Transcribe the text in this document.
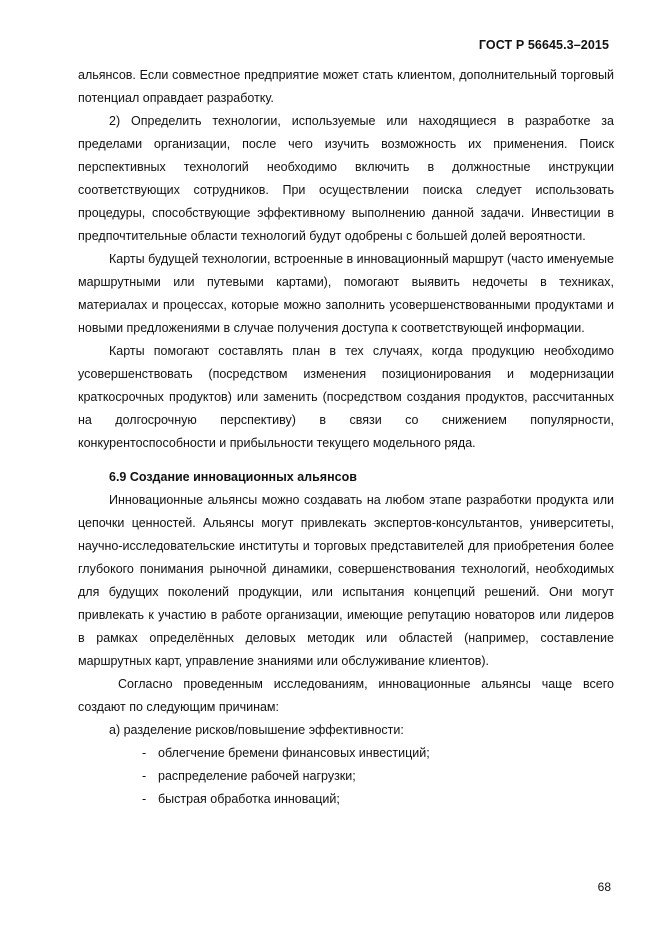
ГОСТ Р 56645.3–2015

альянсов. Если совместное предприятие может стать клиентом, дополнительный торговый потенциал оправдает разработку.

2) Определить технологии, используемые или находящиеся в разработке за пределами организации, после чего изучить возможность их применения. Поиск перспективных технологий необходимо включить в должностные инструкции соответствующих сотрудников. При осуществлении поиска следует использовать процедуры, способствующие эффективному выполнению данной задачи. Инвестиции в предпочтительные области технологий будут одобрены с большей долей вероятности.

Карты будущей технологии, встроенные в инновационный маршрут (часто именуемые маршрутными или путевыми картами), помогают выявить недочеты в техниках, материалах и процессах, которые можно заполнить усовершенствованными продуктами и новыми предложениями в случае получения доступа к соответствующей информации.

Карты помогают составлять план в тех случаях, когда продукцию необходимо усовершенствовать (посредством изменения позиционирования и модернизации краткосрочных продуктов) или заменить (посредством создания продуктов, рассчитанных на долгосрочную перспективу) в связи со снижением популярности, конкурентоспособности и прибыльности текущего модельного ряда.

6.9 Создание инновационных альянсов

Инновационные альянсы можно создавать на любом этапе разработки продукта или цепочки ценностей. Альянсы могут привлекать экспертов-консультантов, университеты, научно-исследовательские институты и торговых представителей для приобретения более глубокого понимания рыночной динамики, совершенствования технологий, необходимых для будущих поколений продукции, или испытания концепций решений. Они могут привлекать к участию в работе организации, имеющие репутацию новаторов или лидеров в рамках определённых деловых методик или областей (например, составление маршрутных карт, управление знаниями или обслуживание клиентов).

Согласно проведенным исследованиям, инновационные альянсы чаще всего создают по следующим причинам:

а) разделение рисков/повышение эффективности:

- облегчение бремени финансовых инвестиций;

- распределение рабочей нагрузки;

- быстрая обработка инноваций;

68
